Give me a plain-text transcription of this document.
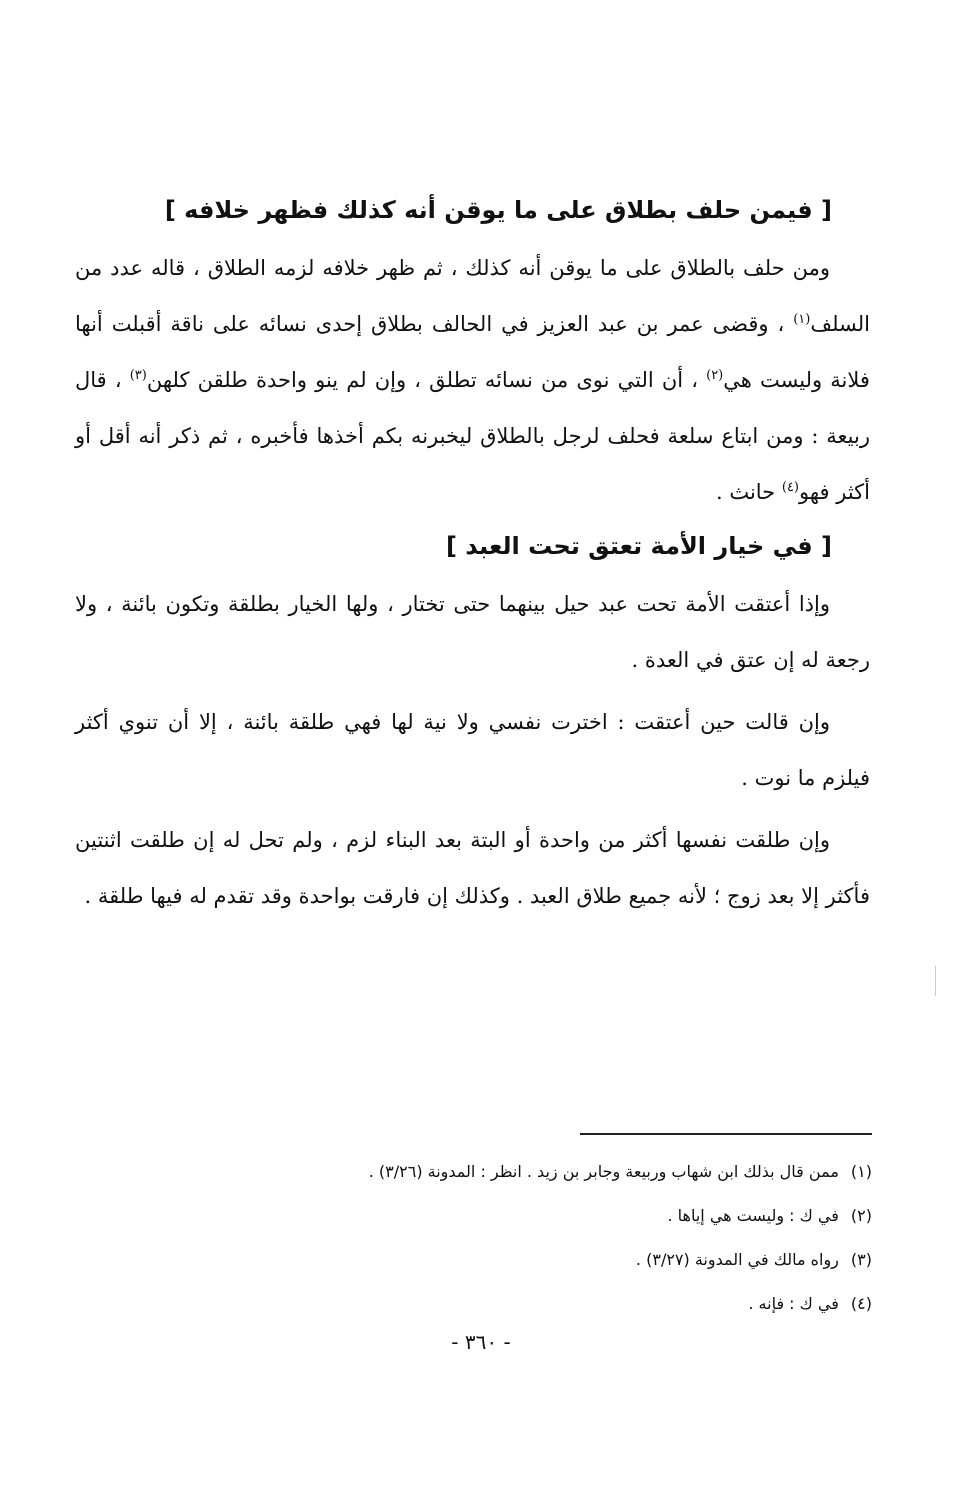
[ فيمن حلف بطلاق على ما يوقن أنه كذلك فظهر خلافه ]

ومن حلف بالطلاق على ما يوقن أنه كذلك ، ثم ظهر خلافه لزمه الطلاق ، قاله عدد من السلف$^{(١)}$ ، وقضى عمر بن عبد العزيز في الحالف بطلاق إحدى نسائه على ناقة أقبلت أنها فلانة وليست هي$^{(٢)}$ ، أن التي نوى من نسائه تطلق ، وإن لم ينو واحدة طلقن كلهن$^{(٣)}$ ، قال ربيعة : ومن ابتاع سلعة فحلف لرجل بالطلاق ليخبرنه بكم أخذها فأخبره ، ثم ذكر أنه أقل أو أكثر فهو$^{(٤)}$ حانث .

[ في خيار الأمة تعتق تحت العبد ]

وإذا أعتقت الأمة تحت عبد حيل بينهما حتى تختار ، ولها الخيار بطلقة وتكون بائنة ، ولا رجعة له إن عتق في العدة .

وإن قالت حين أعتقت : اخترت نفسي ولا نية لها فهي طلقة بائنة ، إلا أن تنوي أكثر فيلزم ما نوت .

وإن طلقت نفسها أكثر من واحدة أو البتة بعد البناء لزم ، ولم تحل له إن طلقت اثنتين فأكثر إلا بعد زوج ؛ لأنه جميع طلاق العبد . وكذلك إن فارقت بواحدة وقد تقدم له فيها طلقة .

(١)ممن قال بذلك ابن شهاب وربيعة وجابر بن زيد . انظر : المدونة (٣/٢٦) .
(٢)في ك : وليست هي إياها .
(٣)رواه مالك في المدونة (٣/٢٧) .
(٤)في ك : فإنه .
- ٣٦٠ -
